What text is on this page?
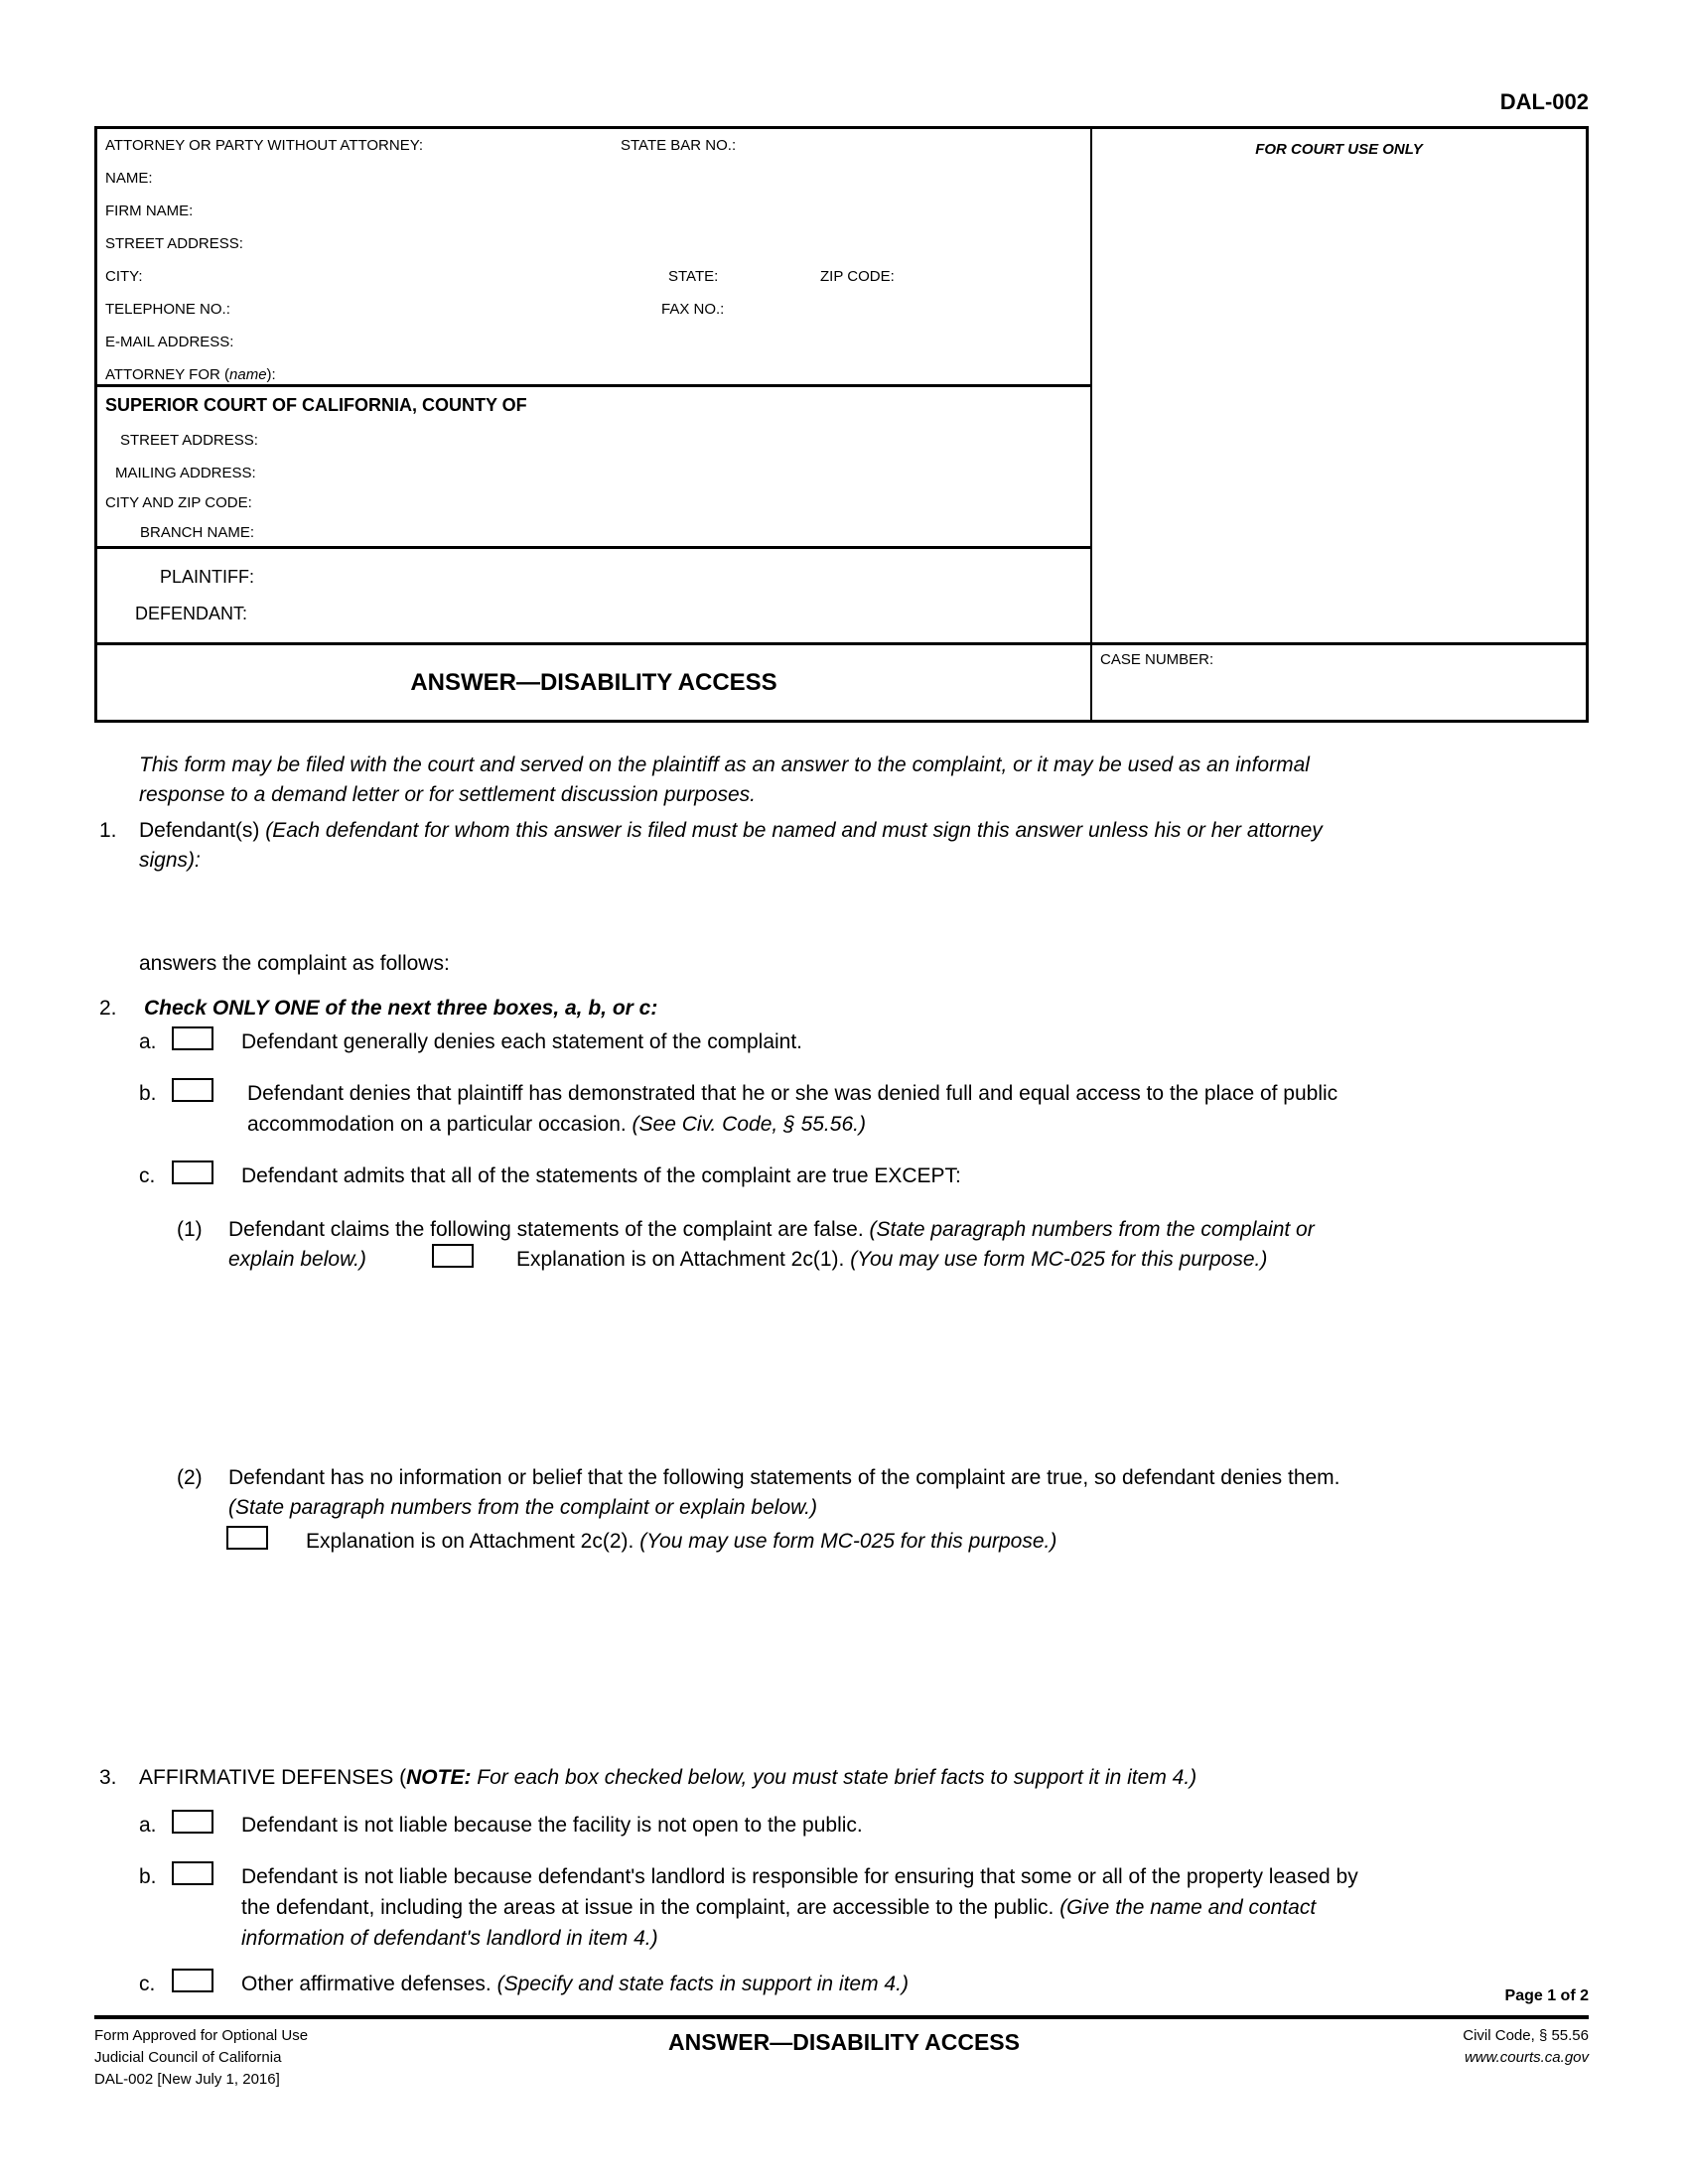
DAL-002
ATTORNEY OR PARTY WITHOUT ATTORNEY:	STATE BAR NO.:
NAME:
FIRM NAME:
STREET ADDRESS:
CITY:	STATE:	ZIP CODE:
TELEPHONE NO.:	FAX NO.:
E-MAIL ADDRESS:
ATTORNEY FOR (name):
FOR COURT USE ONLY
SUPERIOR COURT OF CALIFORNIA, COUNTY OF
STREET ADDRESS:
MAILING ADDRESS:
CITY AND ZIP CODE:
BRANCH NAME:
PLAINTIFF:
DEFENDANT:
ANSWER—DISABILITY ACCESS
CASE NUMBER:
This form may be filed with the court and served on the plaintiff as an answer to the complaint, or it may be used as an informal
response to a demand letter or for settlement discussion purposes.
1. Defendant(s) (Each defendant for whom this answer is filed must be named and must sign this answer unless his or her attorney
signs):
answers the complaint as follows:
2. Check ONLY ONE of the next three boxes, a, b, or c:
a.	Defendant generally denies each statement of the complaint.
b.	Defendant denies that plaintiff has demonstrated that he or she was denied full and equal access to the place of public
accommodation on a particular occasion. (See Civ. Code, § 55.56.)
c.	Defendant admits that all of the statements of the complaint are true EXCEPT:
(1) Defendant claims the following statements of the complaint are false. (State paragraph numbers from the complaint or
explain below.)	Explanation is on Attachment 2c(1). (You may use form MC-025 for this purpose.)
(2) Defendant has no information or belief that the following statements of the complaint are true, so defendant denies them.
(State paragraph numbers from the complaint or explain below.)
Explanation is on Attachment 2c(2). (You may use form MC-025 for this purpose.)
3. AFFIRMATIVE DEFENSES (NOTE: For each box checked below, you must state brief facts to support it in item 4.)
a.	Defendant is not liable because the facility is not open to the public.
b.	Defendant is not liable because defendant's landlord is responsible for ensuring that some or all of the property leased by
the defendant, including the areas at issue in the complaint, are accessible to the public. (Give the name and contact
information of defendant's landlord in item 4.)
c.	Other affirmative defenses. (Specify and state facts in support in item 4.)
Page 1 of 2
Form Approved for Optional Use
Judicial Council of California
DAL-002 [New July 1, 2016]
ANSWER—DISABILITY ACCESS	Civil Code, § 55.56
www.courts.ca.gov
